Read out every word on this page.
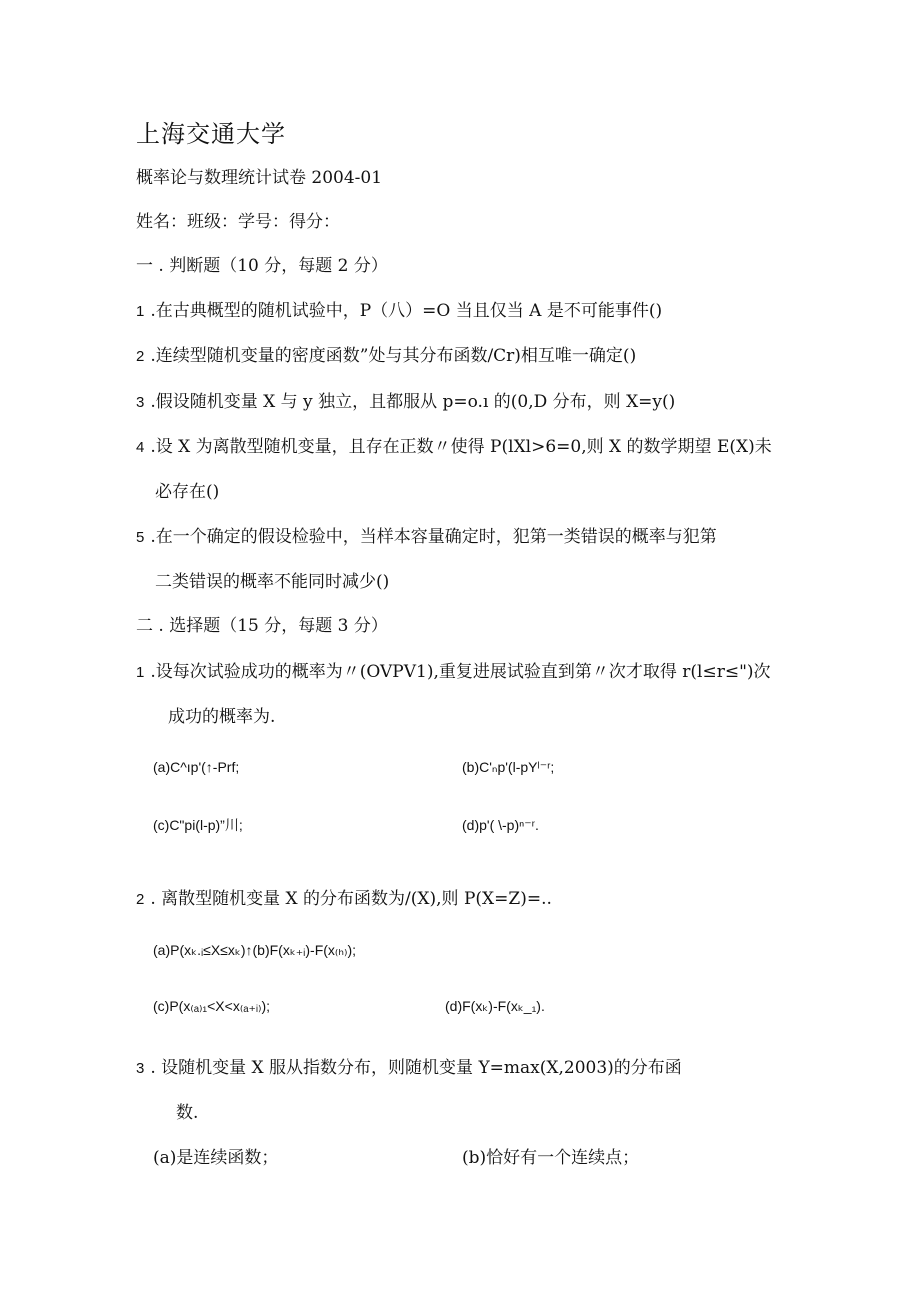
上海交通大学
概率论与数理统计试卷 2004-01
姓名：班级：学号：得分：
一 . 判断题（10 分，每题 2 分）
1 .在古典概型的随机试验中，P（八）=O 当且仅当 A 是不可能事件()
2 .连续型随机变量的密度函数”处与其分布函数/Cr)相互唯一确定()
3 .假设随机变量 X 与 y 独立，且都服从 p=o.ı 的(0,D 分布，则 X=y()
4 .设 X 为离散型随机变量，且存在正数〃使得 P(lXl>6=0,则 X 的数学期望 E(X)未
必存在()
5 .在一个确定的假设检验中，当样本容量确定时，犯第一类错误的概率与犯第
二类错误的概率不能同时减少()
二 . 选择题（15 分，每题 3 分）
1 .设每次试验成功的概率为〃(OVPV1),重复进展试验直到第〃次才取得 r(l≤r≤")次
成功的概率为.
(a)C^ıp'(↑-Prf;	(b)C'ₙp'(l-pYˡ⁻ʳ;
(c)C"pi(l-p)”川;	(d)p'( \-p)ⁿ⁻ʳ.
2 . 离散型随机变量 X 的分布函数为/(X),则 P(X=Z)=..
(a)P(xₖ.ᵢ≤X≤xₖ)↑(b)F(xₖ₊ᵢ)-F(x₍ₕ₎);
(c)P(x₍ₐ₎₁<X<x₍ₐ₊ᵢ₎);	(d)F(xₖ)-F(xₖ_₁).
3 . 设随机变量 X 服从指数分布，则随机变量 Y=max(X,2003)的分布函
数.
(a)是连续函数；	(b)恰好有一个连续点；
